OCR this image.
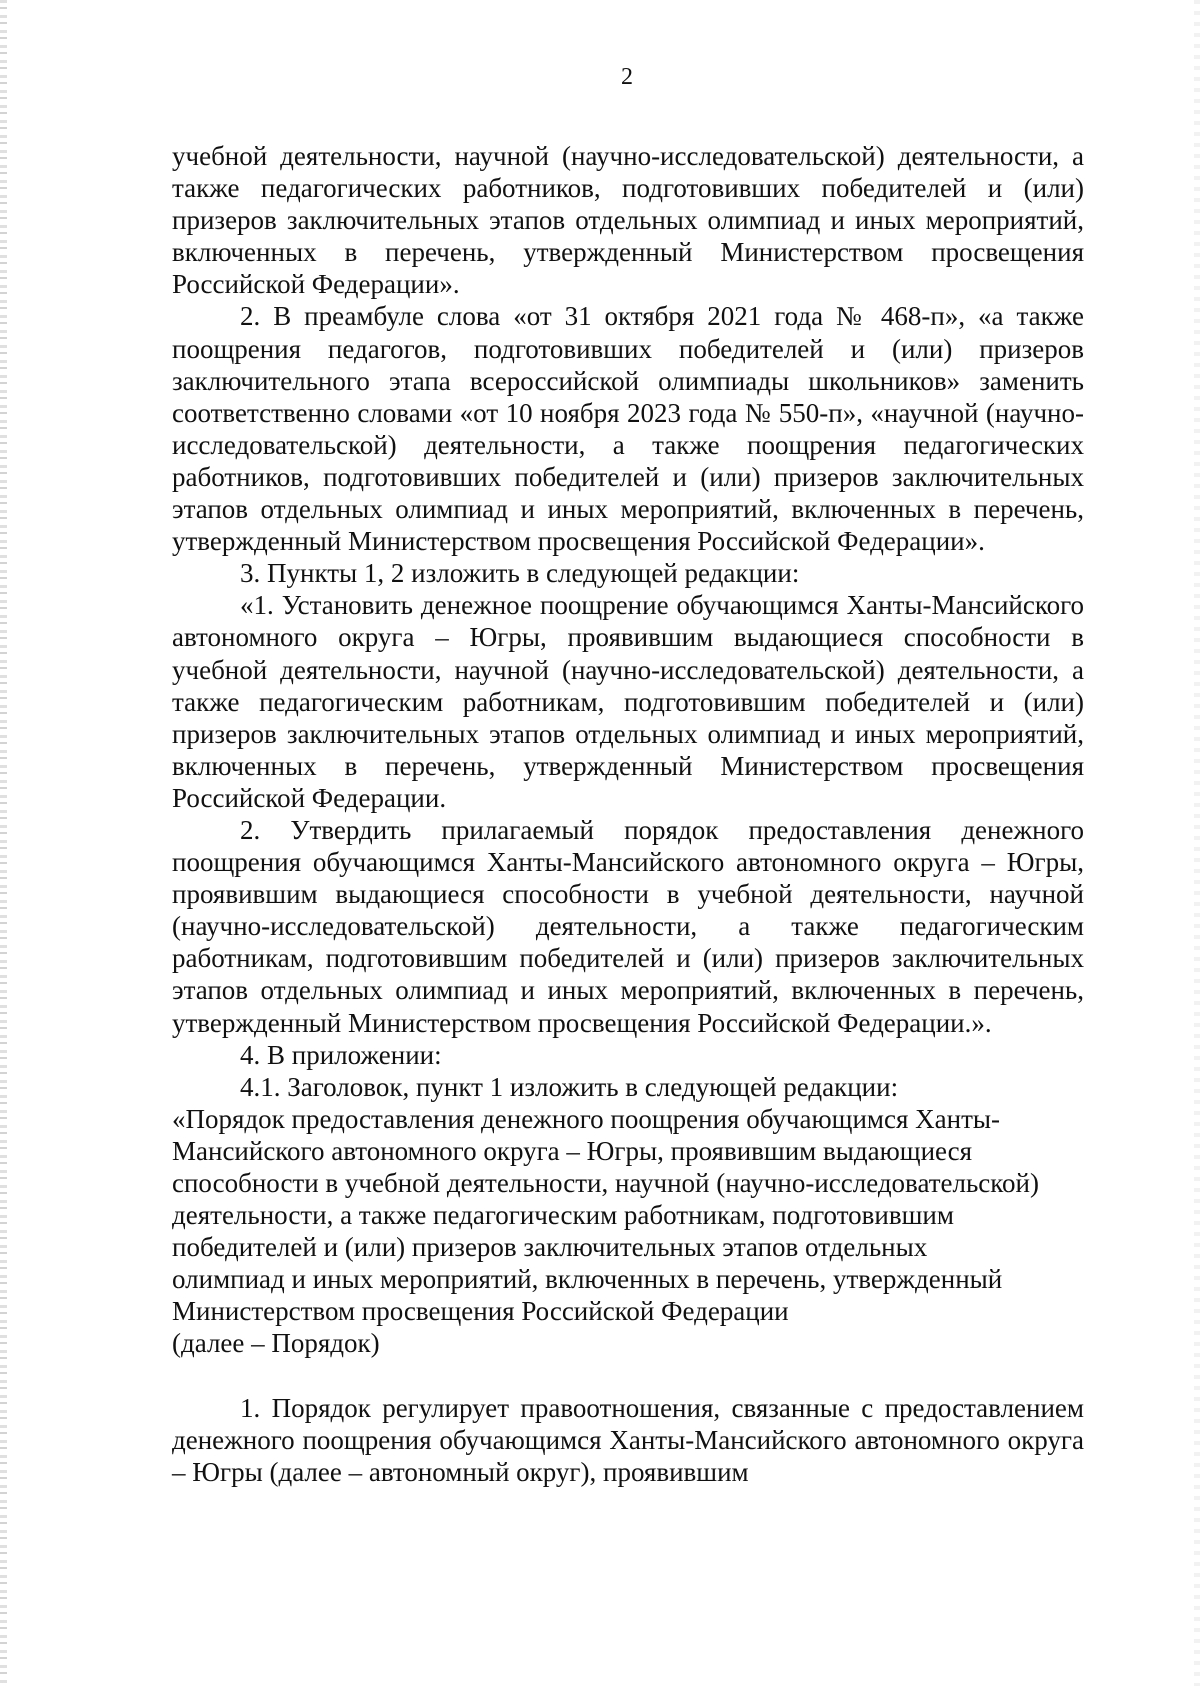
2

учебной деятельности, научной (научно-исследовательской) деятельности, а также педагогических работников, подготовивших победителей и (или) призеров заключительных этапов отдельных олимпиад и иных мероприятий, включенных в перечень, утвержденный Министерством просвещения Российской Федерации».

2. В преамбуле слова «от 31 октября 2021 года № 468-п», «а также поощрения педагогов, подготовивших победителей и (или) призеров заключительного этапа всероссийской олимпиады школьников» заменить соответственно словами «от 10 ноября 2023 года № 550-п», «научной (научно-исследовательской) деятельности, а также поощрения педагогических работников, подготовивших победителей и (или) призеров заключительных этапов отдельных олимпиад и иных мероприятий, включенных в перечень, утвержденный Министерством просвещения Российской Федерации».

3. Пункты 1, 2 изложить в следующей редакции:

«1. Установить денежное поощрение обучающимся Ханты-Мансийского автономного округа – Югры, проявившим выдающиеся способности в учебной деятельности, научной (научно-исследовательской) деятельности, а также педагогическим работникам, подготовившим победителей и (или) призеров заключительных этапов отдельных олимпиад и иных мероприятий, включенных в перечень, утвержденный Министерством просвещения Российской Федерации.

2. Утвердить прилагаемый порядок предоставления денежного поощрения обучающимся Ханты-Мансийского автономного округа – Югры, проявившим выдающиеся способности в учебной деятельности, научной (научно-исследовательской) деятельности, а также педагогическим работникам, подготовившим победителей и (или) призеров заключительных этапов отдельных олимпиад и иных мероприятий, включенных в перечень, утвержденный Министерством просвещения Российской Федерации.».

4. В приложении:

4.1. Заголовок, пункт 1 изложить в следующей редакции:

«Порядок предоставления денежного поощрения обучающимся Ханты-

Мансийского автономного округа – Югры, проявившим выдающиеся

способности в учебной деятельности, научной (научно-исследовательской)

деятельности, а также педагогическим работникам, подготовившим

победителей и (или) призеров заключительных этапов отдельных

олимпиад и иных мероприятий, включенных в перечень, утвержденный

Министерством просвещения Российской Федерации

(далее – Порядок)

1. Порядок регулирует правоотношения, связанные с предоставлением денежного поощрения обучающимся Ханты-Мансийского автономного округа – Югры (далее – автономный округ), проявившим
